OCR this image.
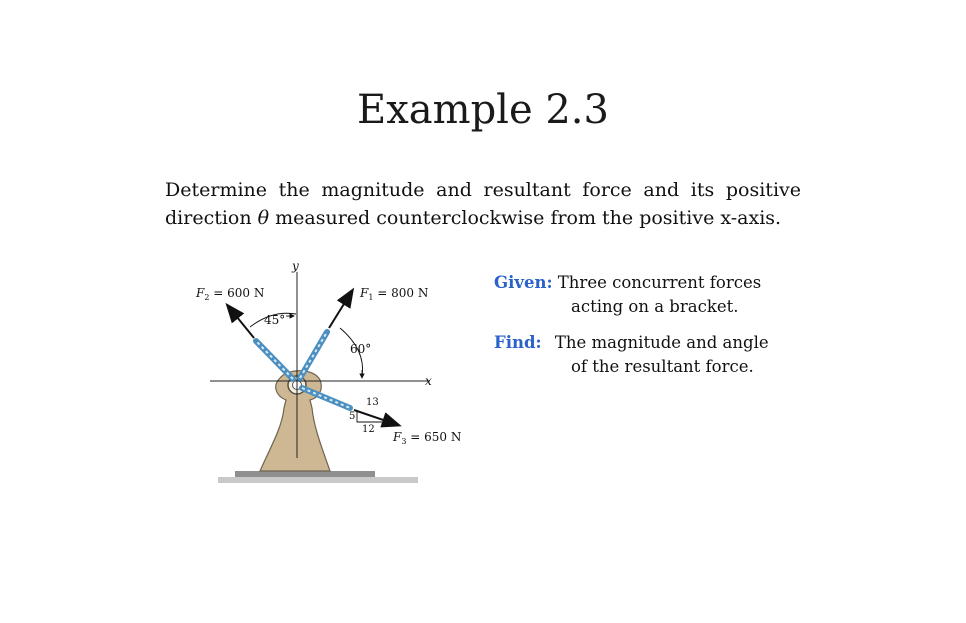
Example 2.3
Determine the magnitude and resultant force and its positive
direction θ measured counterclockwise from the positive x-axis.
x
y
45°
60°
13
5
12
$F_2 = 600$ N	$F_1 = 800$ N
$F_3 = 650$ N
Given: Three concurrent forces
acting on a bracket.
Find: The magnitude and angle
of the resultant force.
